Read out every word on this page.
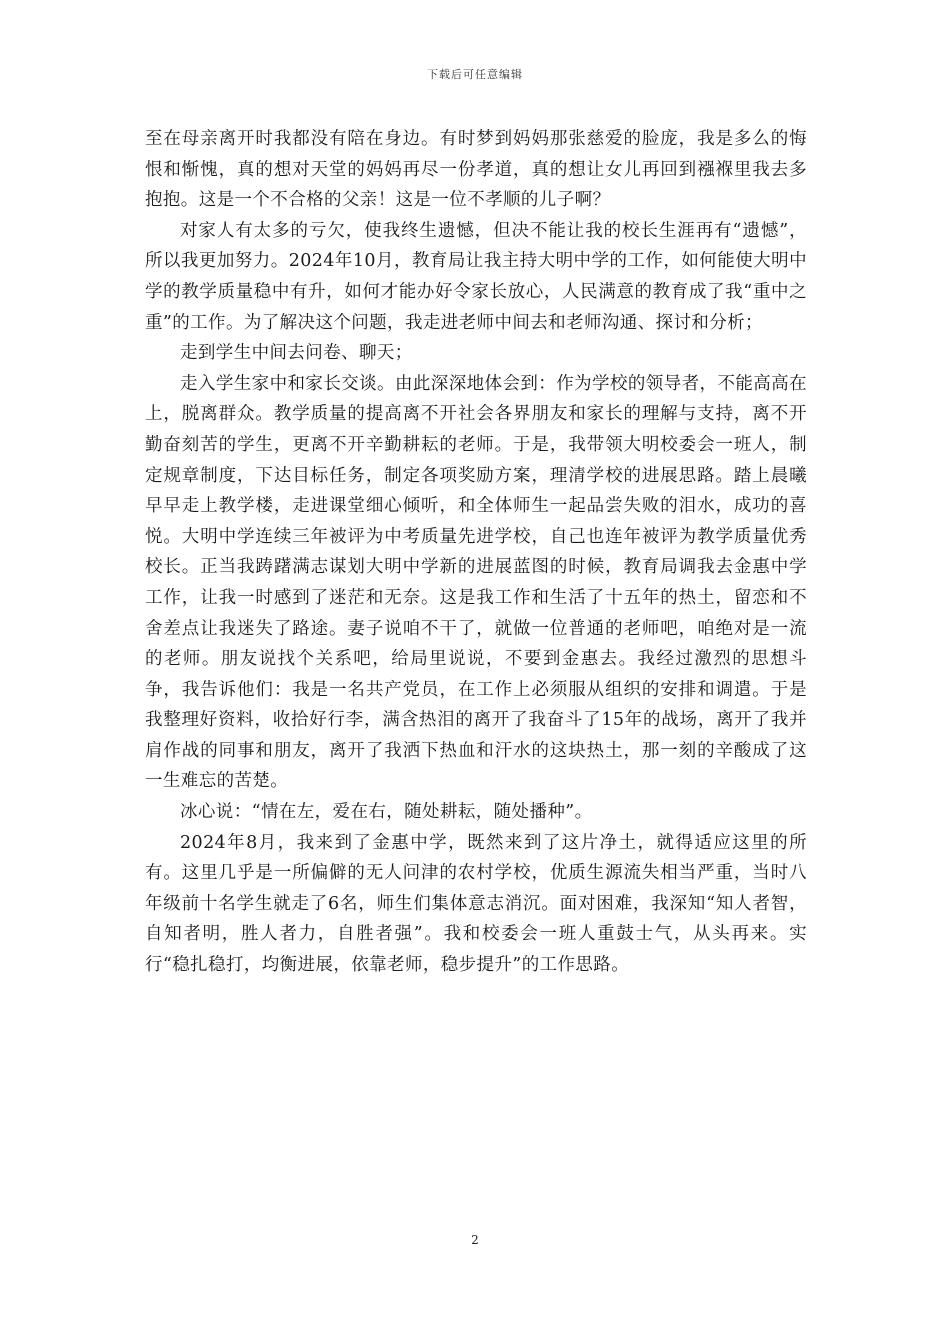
下载后可任意编辑

至在母亲离开时我都没有陪在身边。有时梦到妈妈那张慈爱的脸庞，我是多么的悔恨和惭愧，真的想对天堂的妈妈再尽一份孝道，真的想让女儿再回到襁褓里我去多抱抱。这是一个不合格的父亲！这是一位不孝顺的儿子啊？

对家人有太多的亏欠，使我终生遗憾，但决不能让我的校长生涯再有“遗憾”，所以我更加努力。2024年10月，教育局让我主持大明中学的工作，如何能使大明中学的教学质量稳中有升，如何才能办好令家长放心，人民满意的教育成了我“重中之重”的工作。为了解决这个问题，我走进老师中间去和老师沟通、探讨和分析；

走到学生中间去问卷、聊天；

走入学生家中和家长交谈。由此深深地体会到：作为学校的领导者，不能高高在上，脱离群众。教学质量的提高离不开社会各界朋友和家长的理解与支持，离不开勤奋刻苦的学生，更离不开辛勤耕耘的老师。于是，我带领大明校委会一班人，制定规章制度，下达目标任务，制定各项奖励方案，理清学校的进展思路。踏上晨曦早早走上教学楼，走进课堂细心倾听，和全体师生一起品尝失败的泪水，成功的喜悦。大明中学连续三年被评为中考质量先进学校，自己也连年被评为教学质量优秀校长。正当我踌躇满志谋划大明中学新的进展蓝图的时候，教育局调我去金惠中学工作，让我一时感到了迷茫和无奈。这是我工作和生活了十五年的热土，留恋和不舍差点让我迷失了路途。妻子说咱不干了，就做一位普通的老师吧，咱绝对是一流的老师。朋友说找个关系吧，给局里说说，不要到金惠去。我经过激烈的思想斗争，我告诉他们：我是一名共产党员，在工作上必须服从组织的安排和调遣。于是我整理好资料，收拾好行李，满含热泪的离开了我奋斗了15年的战场，离开了我并肩作战的同事和朋友，离开了我洒下热血和汗水的这块热土，那一刻的辛酸成了这一生难忘的苦楚。

冰心说：“情在左，爱在右，随处耕耘，随处播种”。

2024年8月，我来到了金惠中学，既然来到了这片净土，就得适应这里的所有。这里几乎是一所偏僻的无人问津的农村学校，优质生源流失相当严重，当时八年级前十名学生就走了6名，师生们集体意志消沉。面对困难，我深知“知人者智，自知者明，胜人者力，自胜者强”。我和校委会一班人重鼓士气，从头再来。实行“稳扎稳打，均衡进展，依靠老师，稳步提升”的工作思路。

2
